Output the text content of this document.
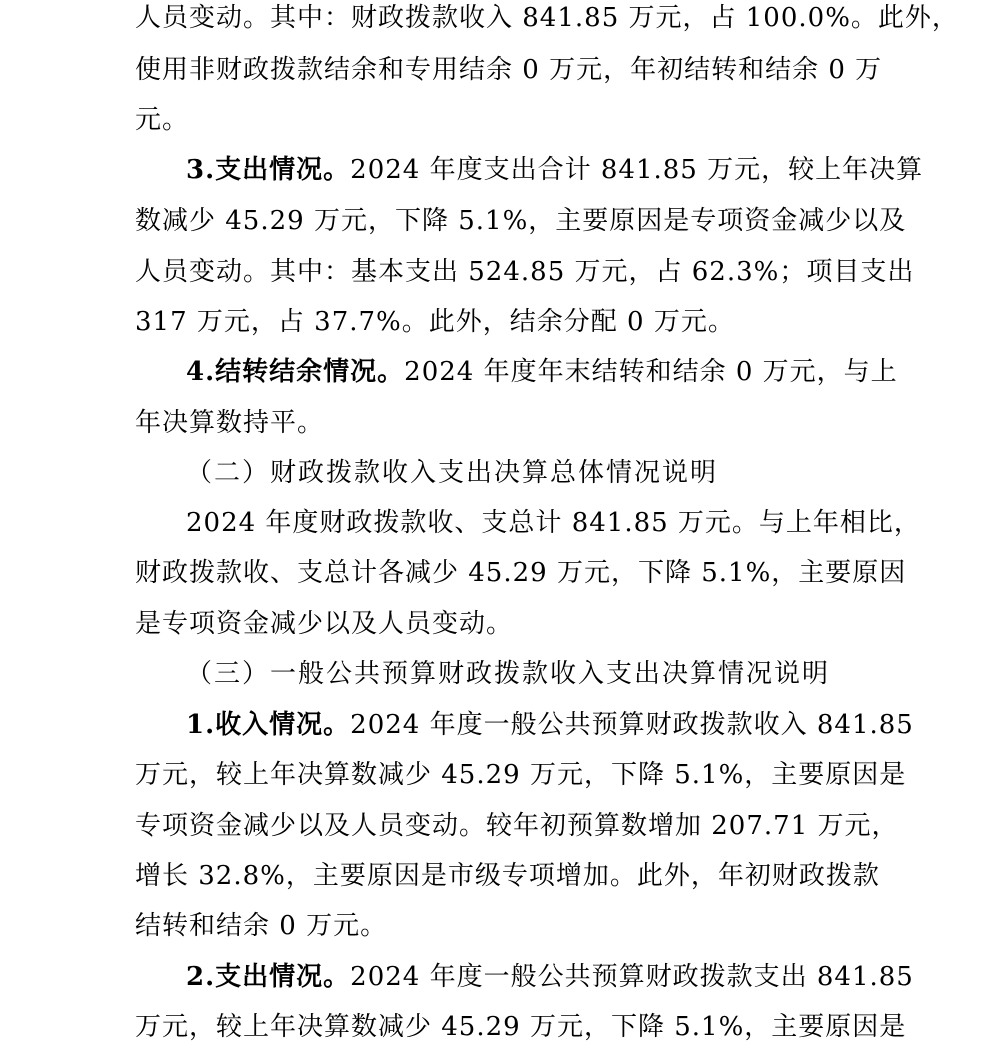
人员变动。其中：财政拨款收入 841.85 万元，占 100.0%。此外，
使用非财政拨款结余和专用结余 0 万元，年初结转和结余 0 万
元。
3.支出情况。2024 年度支出合计 841.85 万元，较上年决算
数减少 45.29 万元，下降 5.1%，主要原因是专项资金减少以及
人员变动。其中：基本支出 524.85 万元，占 62.3%；项目支出
317 万元，占 37.7%。此外，结余分配 0 万元。
4.结转结余情况。2024 年度年末结转和结余 0 万元，与上
年决算数持平。
（二）财政拨款收入支出决算总体情况说明
2024 年度财政拨款收、支总计 841.85 万元。与上年相比，
财政拨款收、支总计各减少 45.29 万元，下降 5.1%，主要原因
是专项资金减少以及人员变动。
（三）一般公共预算财政拨款收入支出决算情况说明
1.收入情况。2024 年度一般公共预算财政拨款收入 841.85
万元，较上年决算数减少 45.29 万元，下降 5.1%，主要原因是
专项资金减少以及人员变动。较年初预算数增加 207.71 万元，
增长 32.8%，主要原因是市级专项增加。此外，年初财政拨款
结转和结余 0 万元。
2.支出情况。2024 年度一般公共预算财政拨款支出 841.85
万元，较上年决算数减少 45.29 万元，下降 5.1%，主要原因是
